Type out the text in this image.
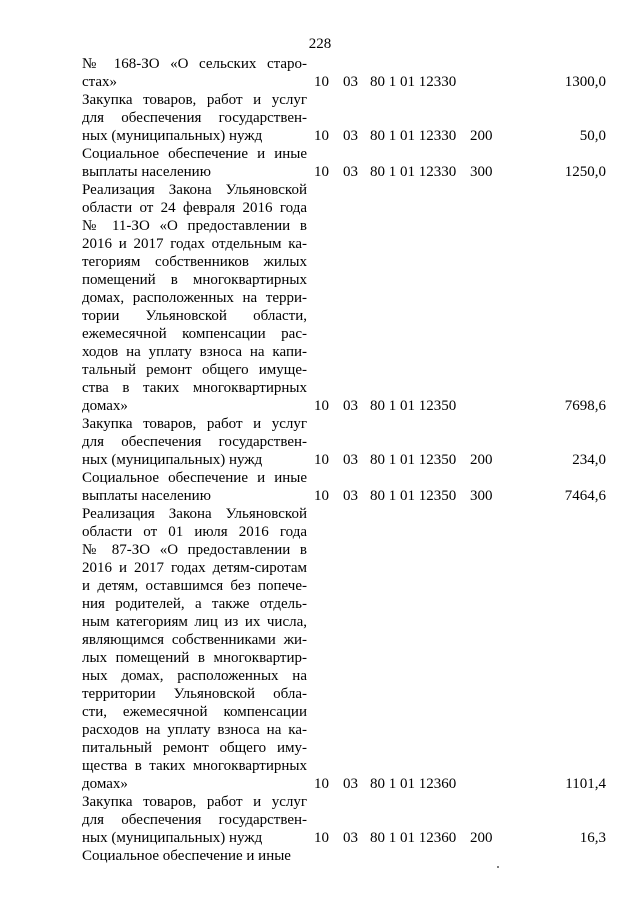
228

№ 168-ЗО «О сельских старо-
стах»	10 03 80 1 01 12330	1300,0

Закупка товаров, работ и услуг
для обеспечения государствен-
ных (муниципальных) нужд	10 03 80 1 01 12330 200	50,0

Социальное обеспечение и иные
выплаты населению	10 03 80 1 01 12330 300	1250,0

Реализация Закона Ульяновской
области от 24 февраля 2016 года
№ 11-ЗО «О предоставлении в
2016 и 2017 годах отдельным ка-
тегориям собственников жилых
помещений в многоквартирных
домах, расположенных на терри-
тории Ульяновской области,
ежемесячной компенсации рас-
ходов на уплату взноса на капи-
тальный ремонт общего имуще-
ства в таких многоквартирных
домах»	10 03 80 1 01 12350	7698,6

Закупка товаров, работ и услуг
для обеспечения государствен-
ных (муниципальных) нужд	10 03 80 1 01 12350 200	234,0

Социальное обеспечение и иные
выплаты населению	10 03 80 1 01 12350 300	7464,6

Реализация Закона Ульяновской
области от 01 июля 2016 года
№ 87-ЗО «О предоставлении в
2016 и 2017 годах детям-сиротам
и детям, оставшимся без попече-
ния родителей, а также отдель-
ным категориям лиц из их числа,
являющимся собственниками жи-
лых помещений в многоквартир-
ных домах, расположенных на
территории Ульяновской обла-
сти, ежемесячной компенсации
расходов на уплату взноса на ка-
питальный ремонт общего иму-
щества в таких многоквартирных
домах»	10 03 80 1 01 12360	1101,4

Закупка товаров, работ и услуг
для обеспечения государствен-
ных (муниципальных) нужд	10 03 80 1 01 12360 200	16,3

Социальное обеспечение и иные
